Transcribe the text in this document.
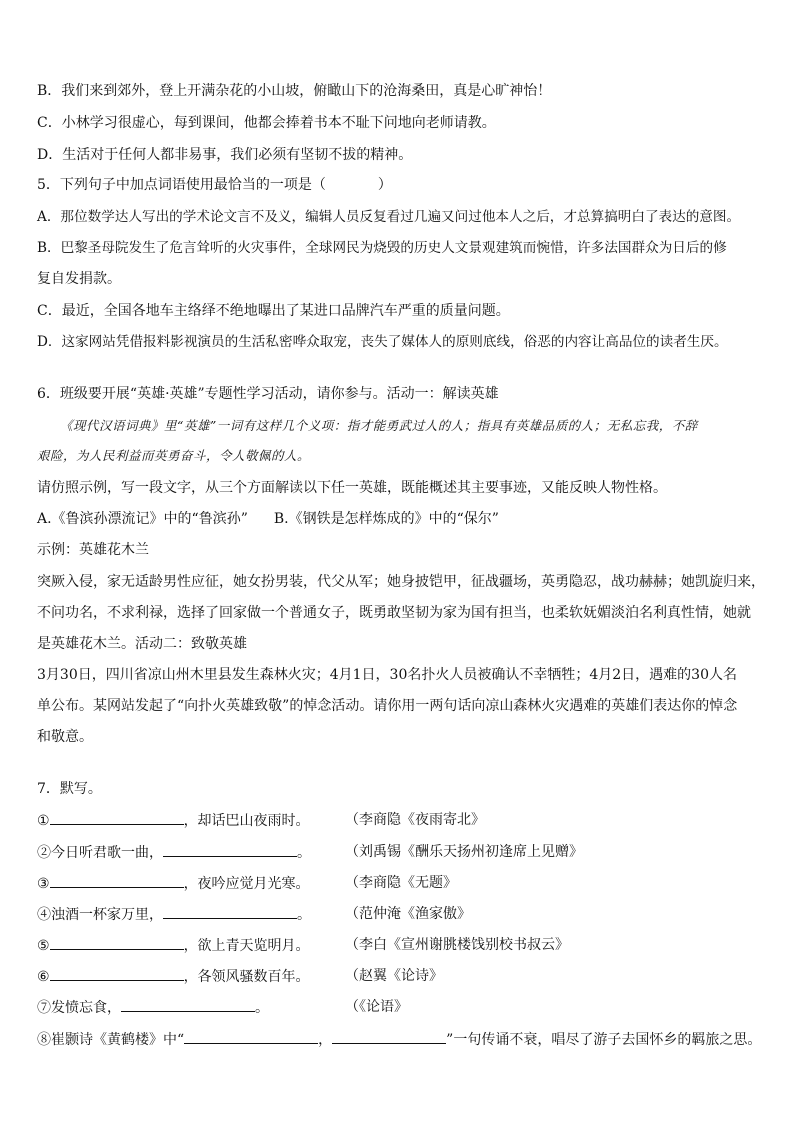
B．我们来到郊外，登上开满杂花的小山坡，俯瞰山下的沧海桑田，真是心旷神怡！
C．小林学习很虚心，每到课间，他都会捧着书本不耻下问地向老师请教。
D．生活对于任何人都非易事，我们必须有坚韧不拔的精神。
5．下列句子中加点词语使用最恰当的一项是（	）
A．那位数学达人写出的学术论文言不及义，编辑人员反复看过几遍又问过他本人之后，才总算搞明白了表达的意图。
B．巴黎圣母院发生了危言耸听的火灾事件，全球网民为烧毁的历史人文景观建筑而惋惜，许多法国群众为日后的修
复自发捐款。
C．最近，全国各地车主络绎不绝地曝出了某进口品牌汽车严重的质量问题。
D．这家网站凭借报料影视演员的生活私密哗众取宠，丧失了媒体人的原则底线，俗恶的内容让高品位的读者生厌。
6．班级要开展“英雄·英雄”专题性学习活动，请你参与。活动一：解读英雄
《现代汉语词典》里“英雄”一词有这样几个义项：指才能勇武过人的人；指具有英雄品质的人；无私忘我，不辞
艰险，为人民利益而英勇奋斗，令人敬佩的人。
请仿照示例，写一段文字，从三个方面解读以下任一英雄，既能概述其主要事迹，又能反映人物性格。
A.《鲁滨孙漂流记》中的“鲁滨孙” B.《钢铁是怎样炼成的》中的“保尔”
示例：英雄花木兰
突厥入侵，家无适龄男性应征，她女扮男装，代父从军；她身披铠甲，征战疆场，英勇隐忍，战功赫赫；她凯旋归来，
不问功名，不求利禄，选择了回家做一个普通女子，既勇敢坚韧为家为国有担当，也柔软妩媚淡泊名利真性情，她就
是英雄花木兰。活动二：致敬英雄
3月30日，四川省凉山州木里县发生森林火灾；4月1日，30名扑火人员被确认不幸牺牲；4月2日，遇难的30人名
单公布。某网站发起了“向扑火英雄致敬”的悼念活动。请你用一两句话向凉山森林火灾遇难的英雄们表达你的悼念
和敬意。
7．默写。
①	，却话巴山夜雨时。	（李商隐《夜雨寄北》
②今日听君歌一曲，	。 （刘禹锡《酬乐天扬州初逢席上见赠》
③	，夜吟应觉月光寒。	（李商隐《无题》
④浊酒一杯家万里，	。 （范仲淹《渔家傲》
⑤	，欲上青天览明月。	（李白《宣州谢朓楼饯别校书叔云》
⑥	，各领风骚数百年。	（赵翼《论诗》
⑦发愤忘食，	。	（《论语》
⑧崔颢诗《黄鹤楼》中“	，	”一句传诵不衰，唱尽了游子去国怀乡的羁旅之思。
